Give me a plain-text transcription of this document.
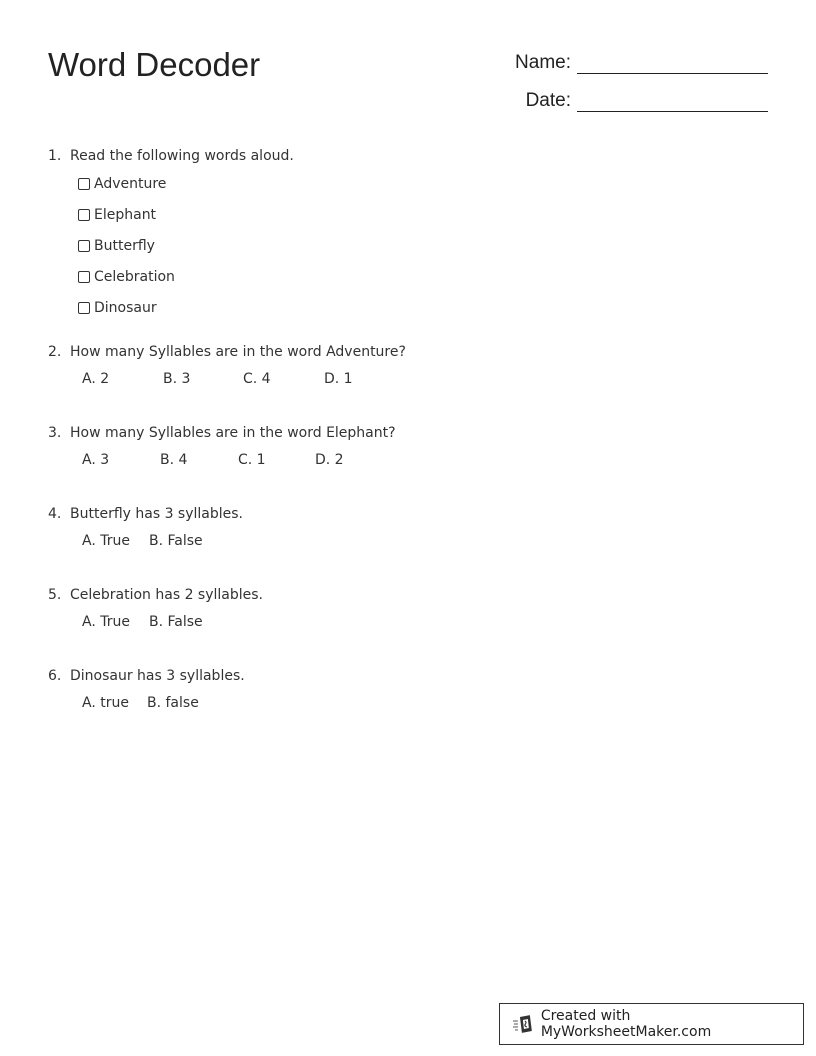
Word Decoder	Name:
Date:
1. Read the following words aloud.
Adventure
Elephant
Butterfly
Celebration
Dinosaur
2. How many Syllables are in the word Adventure?
A. 2	B. 3	C. 4	D. 1
3. How many Syllables are in the word Elephant?
A. 3	B. 4	C. 1	D. 2
4. Butterfly has 3 syllables.
A. True	B. False
5. Celebration has 2 syllables.
A. True	B. False
6. Dinosaur has 3 syllables.
A. true	B. false
Created with MyWorksheetMaker.com
